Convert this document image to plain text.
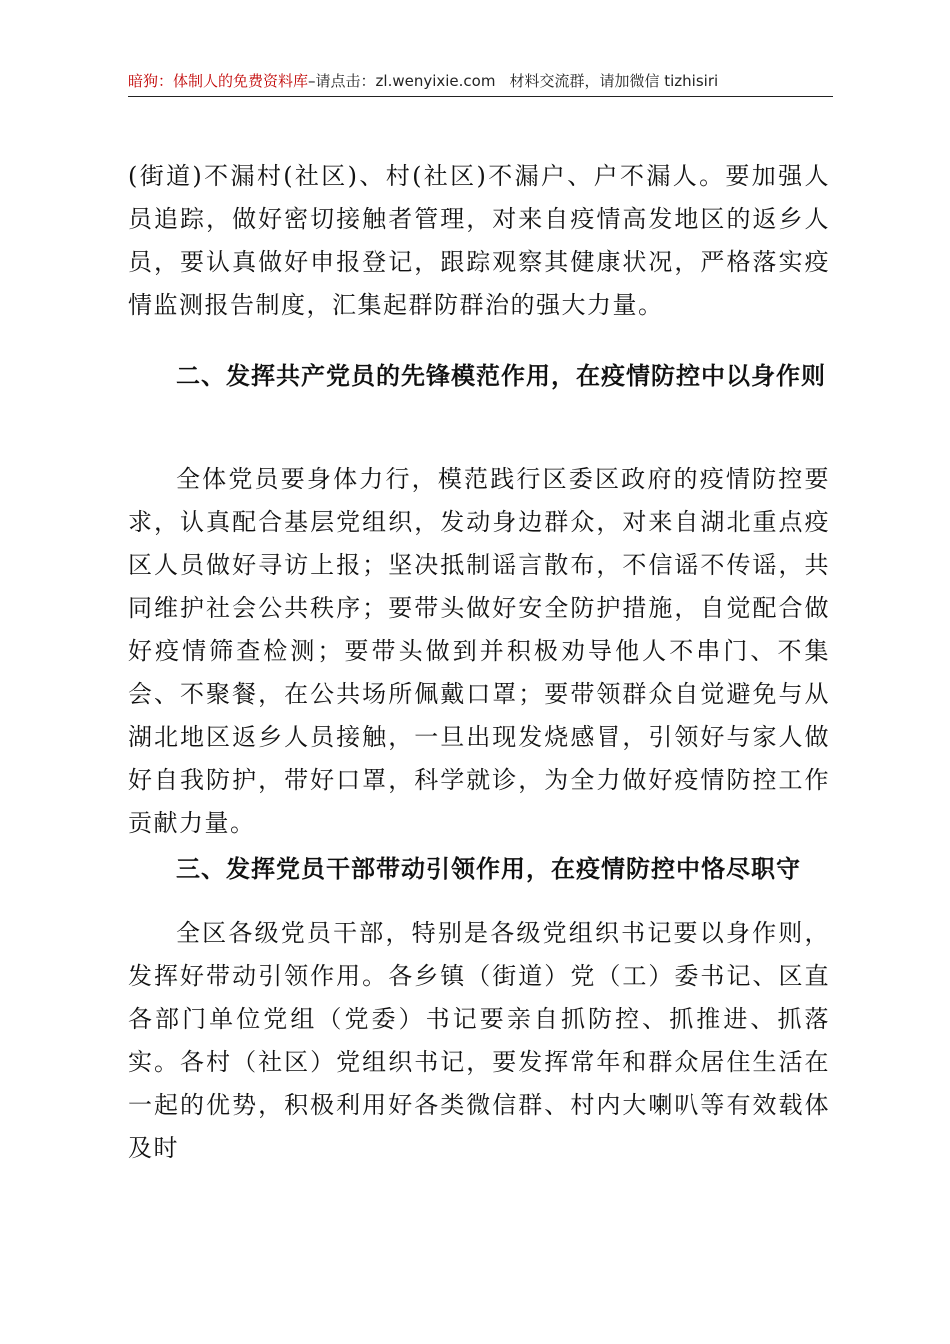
暗狗：体制人的免费资料库–请点击：zl.wenyixie.com 材料交流群，请加微信 tizhisiri

(街道)不漏村(社区)、村(社区)不漏户、户不漏人。要加强人员追踪，做好密切接触者管理，对来自疫情高发地区的返乡人员，要认真做好申报登记，跟踪观察其健康状况，严格落实疫情监测报告制度，汇集起群防群治的强大力量。

二、发挥共产党员的先锋模范作用，在疫情防控中以身作则

全体党员要身体力行，模范践行区委区政府的疫情防控要求，认真配合基层党组织，发动身边群众，对来自湖北重点疫区人员做好寻访上报；坚决抵制谣言散布，不信谣不传谣，共同维护社会公共秩序；要带头做好安全防护措施，自觉配合做好疫情筛查检测；要带头做到并积极劝导他人不串门、不集会、不聚餐，在公共场所佩戴口罩；要带领群众自觉避免与从湖北地区返乡人员接触，一旦出现发烧感冒，引领好与家人做好自我防护，带好口罩，科学就诊，为全力做好疫情防控工作贡献力量。

三、发挥党员干部带动引领作用，在疫情防控中恪尽职守

全区各级党员干部，特别是各级党组织书记要以身作则，发挥好带动引领作用。各乡镇（街道）党（工）委书记、区直各部门单位党组（党委）书记要亲自抓防控、抓推进、抓落实。各村（社区）党组织书记，要发挥常年和群众居住生活在一起的优势，积极利用好各类微信群、村内大喇叭等有效载体及时
